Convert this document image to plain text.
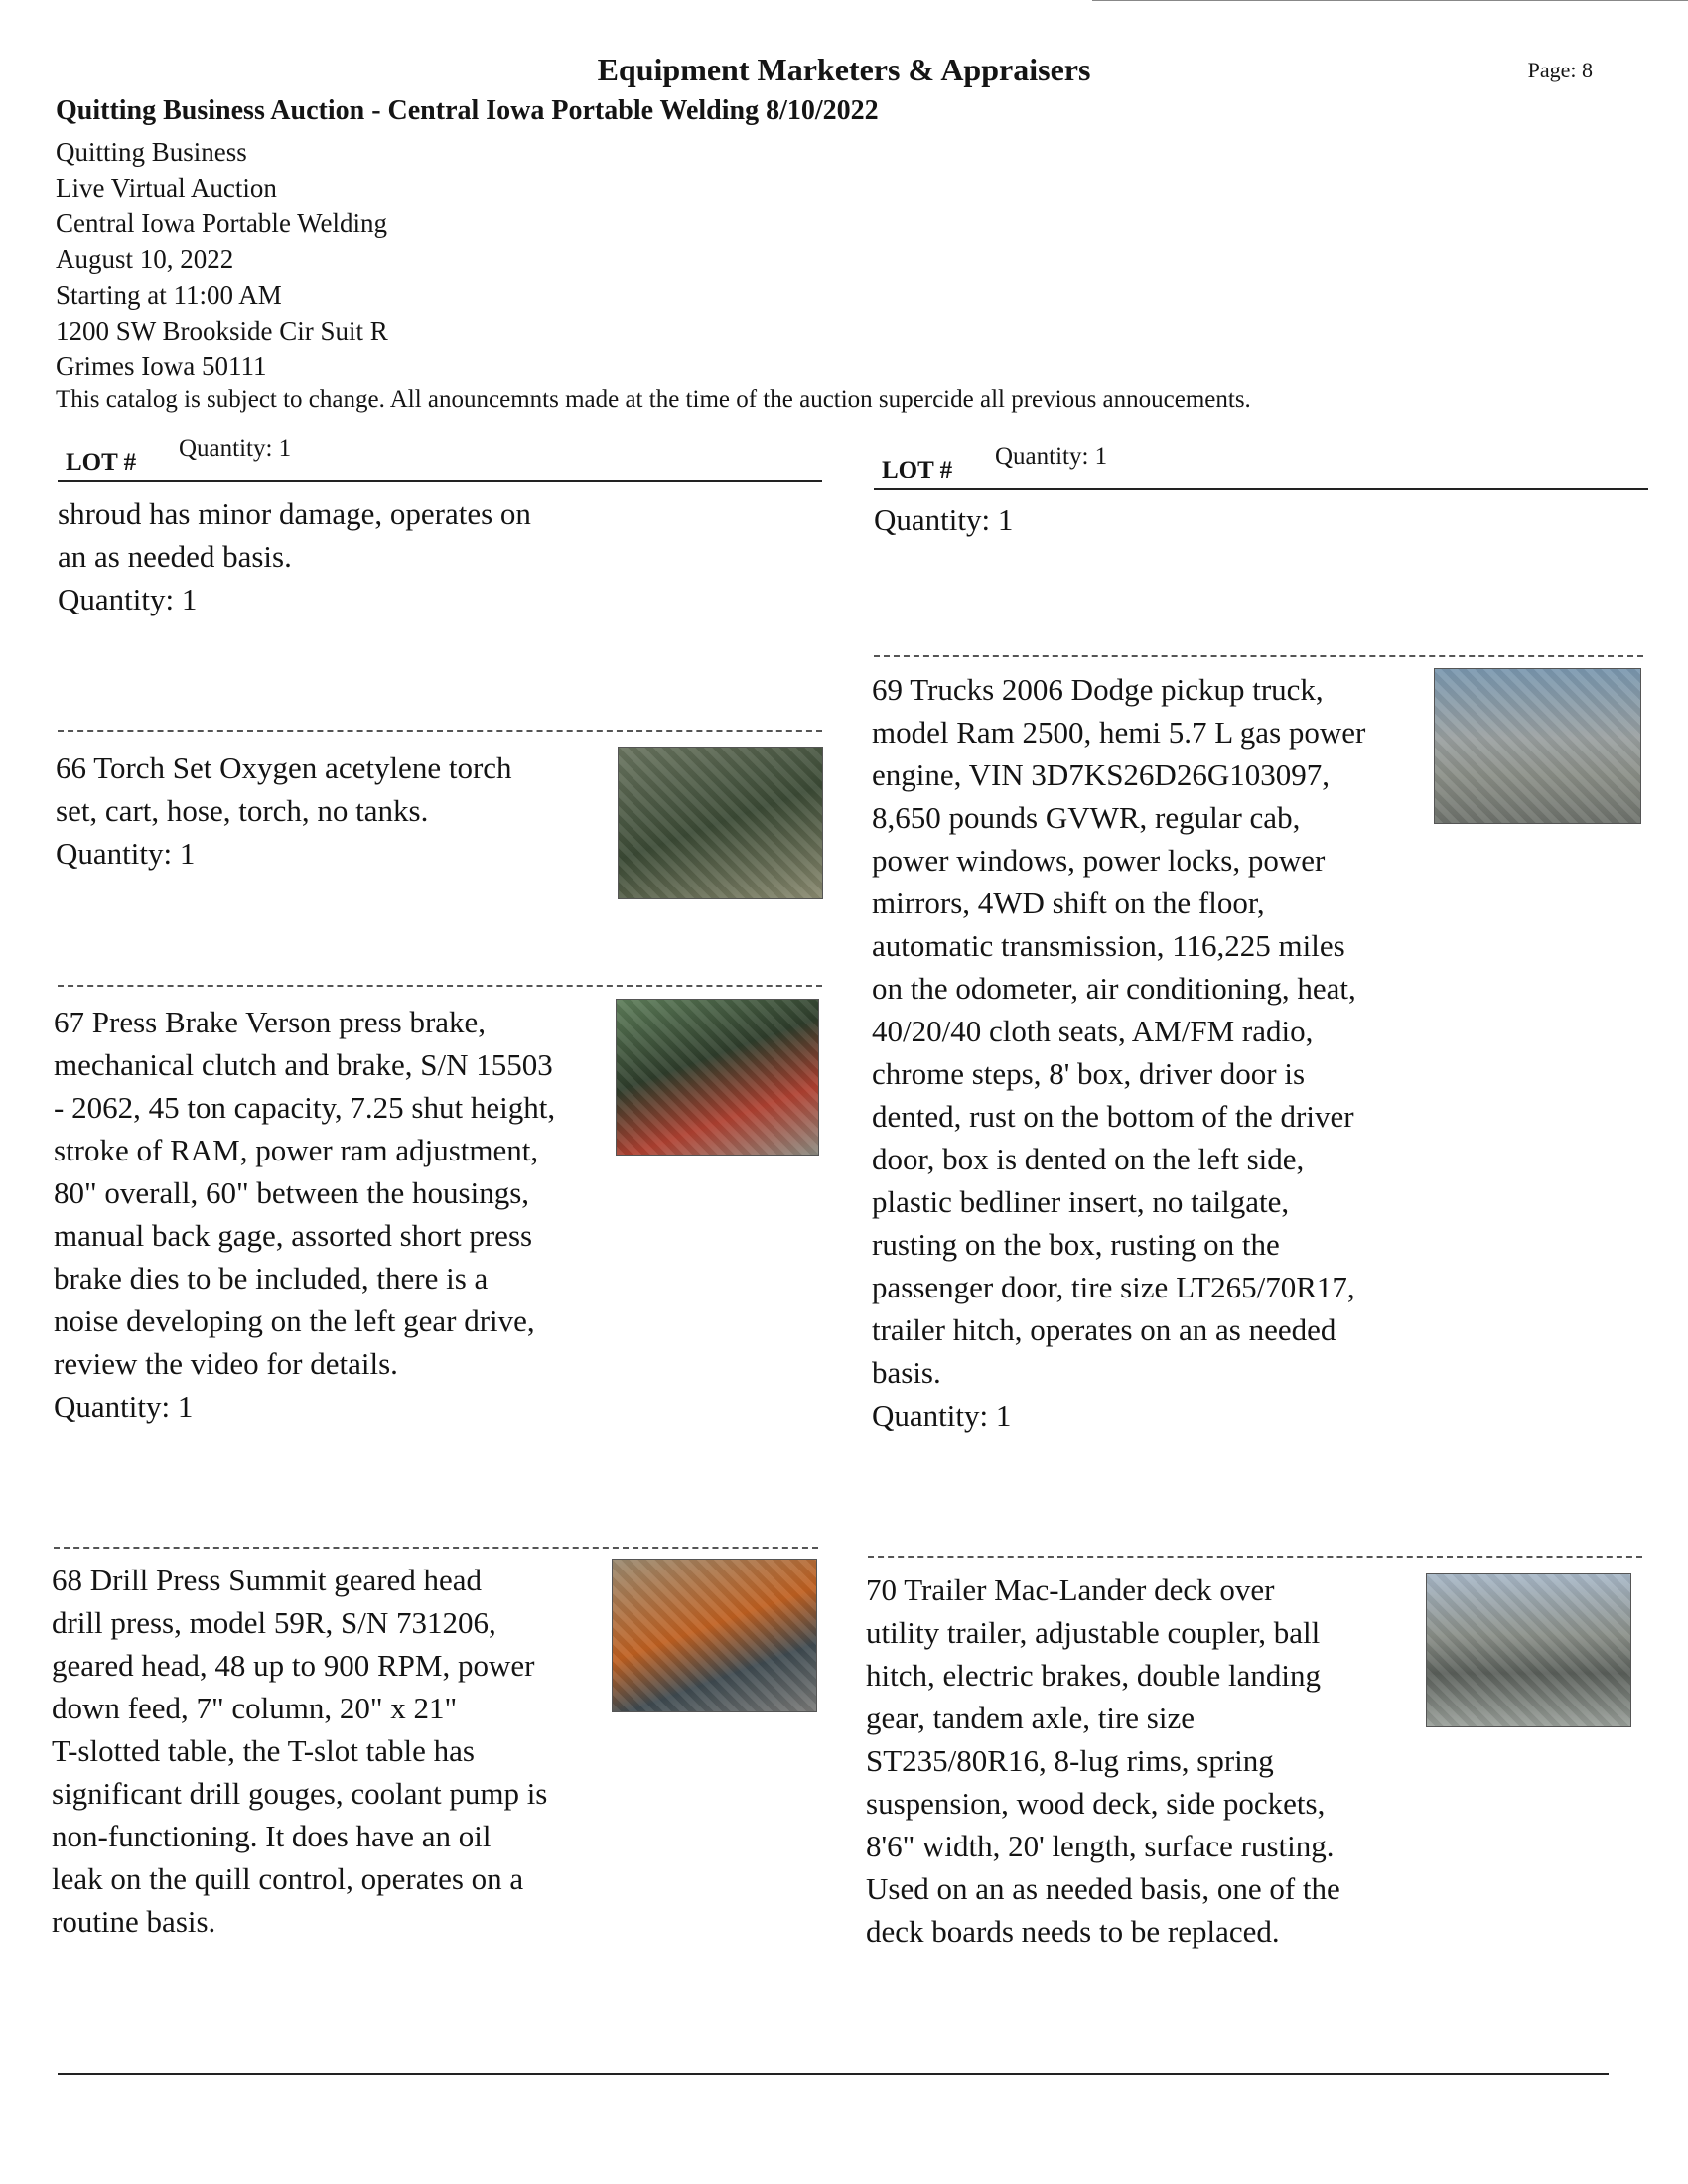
Equipment Marketers & Appraisers	Page: 8
Quitting Business Auction - Central Iowa Portable Welding 8/10/2022
Quitting Business
Live Virtual Auction
Central Iowa Portable Welding
August 10, 2022
Starting at 11:00 AM
1200 SW Brookside Cir Suit R
Grimes Iowa 50111
This catalog is subject to change. All anouncemnts made at the time of the auction supercide all previous annoucements.
LOT #
Quantity: 1
LOT #
Quantity: 1
shroud has minor damage, operates on
an as needed basis.
Quantity: 1
Quantity: 1
66 Torch Set Oxygen acetylene torch
set, cart, hose, torch, no tanks.
Quantity: 1
67 Press Brake Verson press brake,
mechanical clutch and brake, S/N 15503
- 2062, 45 ton capacity, 7.25 shut height,
stroke of RAM, power ram adjustment,
80" overall, 60" between the housings,
manual back gage, assorted short press
brake dies to be included, there is a
noise developing on the left gear drive,
review the video for details.
Quantity: 1
68 Drill Press Summit geared head
drill press, model 59R, S/N 731206,
geared head, 48 up to 900 RPM, power
down feed, 7" column, 20" x 21"
T-slotted table, the T-slot table has
significant drill gouges, coolant pump is
non-functioning. It does have an oil
leak on the quill control, operates on a
routine basis.
69 Trucks 2006 Dodge pickup truck,
model Ram 2500, hemi 5.7 L gas power
engine, VIN 3D7KS26D26G103097,
8,650 pounds GVWR, regular cab,
power windows, power locks, power
mirrors, 4WD shift on the floor,
automatic transmission, 116,225 miles
on the odometer, air conditioning, heat,
40/20/40 cloth seats, AM/FM radio,
chrome steps, 8' box, driver door is
dented, rust on the bottom of the driver
door, box is dented on the left side,
plastic bedliner insert, no tailgate,
rusting on the box, rusting on the
passenger door, tire size LT265/70R17,
trailer hitch, operates on an as needed
basis.
Quantity: 1
70 Trailer Mac-Lander deck over
utility trailer, adjustable coupler, ball
hitch, electric brakes, double landing
gear, tandem axle, tire size
ST235/80R16, 8-lug rims, spring
suspension, wood deck, side pockets,
8'6" width, 20' length, surface rusting.
Used on an as needed basis, one of the
deck boards needs to be replaced.
